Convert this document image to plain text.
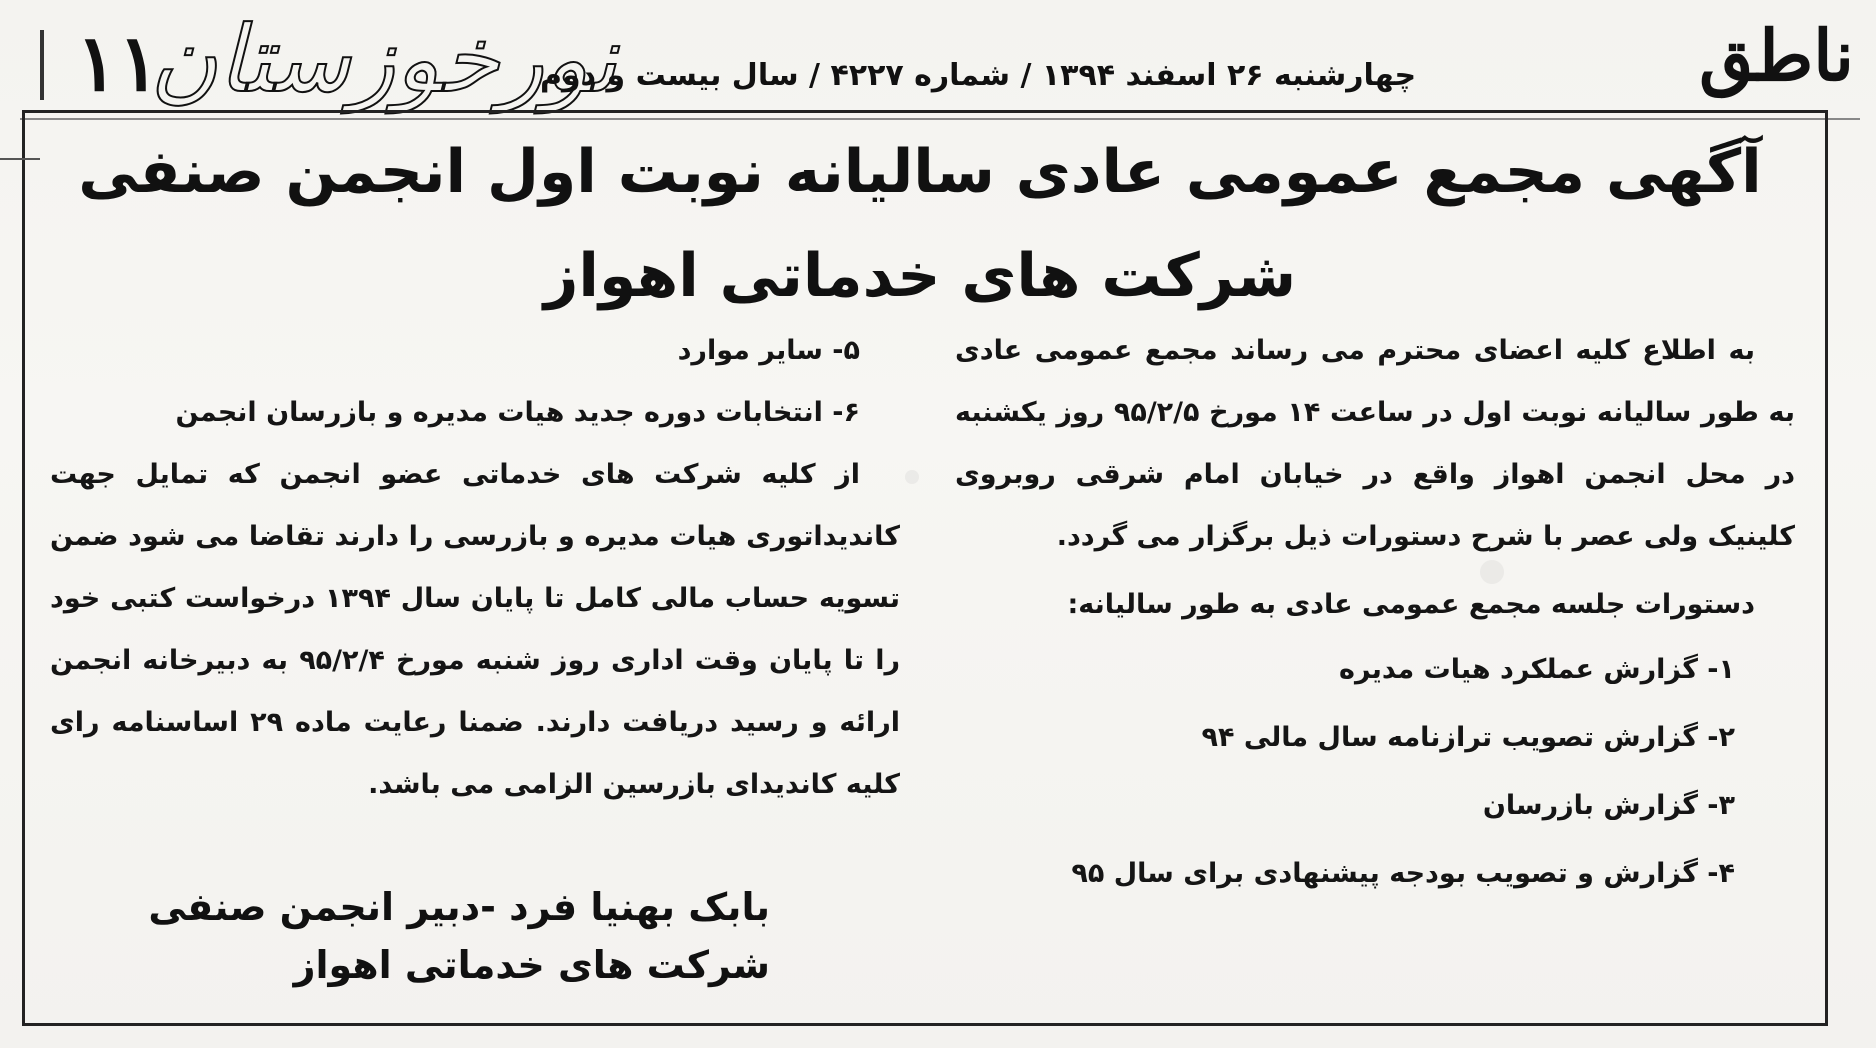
۱۱
نورخوزستان
چهارشنبه ۲۶ اسفند ۱۳۹۴ / شماره ۴۲۲۷ / سال بیست و دوم	ناطق
آگهی مجمع عمومی عادی سالیانه نوبت اول انجمن صنفی شرکت های خدماتی اهواز

به اطلاع کلیه اعضای محترم می رساند مجمع عمومی عادی به طور سالیانه نوبت اول در ساعت ۱۴ مورخ ۹۵/۲/۵ روز یکشنبه در محل انجمن اهواز واقع در خیابان امام شرقی روبروی کلینیک ولی عصر با شرح دستورات ذیل برگزار می گردد.

دستورات جلسه مجمع عمومی عادی به طور سالیانه:

۱- گزارش عملکرد هیات مدیره

۲- گزارش تصویب ترازنامه سال مالی ۹۴

۳- گزارش بازرسان

۴- گزارش و تصویب بودجه پیشنهادی برای سال ۹۵

۵- سایر موارد

۶- انتخابات دوره جدید هیات مدیره و بازرسان انجمن

از کلیه شرکت های خدماتی عضو انجمن که تمایل جهت کاندیداتوری هیات مدیره و بازرسی را دارند تقاضا می شود ضمن تسویه حساب مالی کامل تا پایان سال ۱۳۹۴ درخواست کتبی خود را تا پایان وقت اداری روز شنبه مورخ ۹۵/۲/۴ به دبیرخانه انجمن ارائه و رسید دریافت دارند. ضمنا رعایت ماده ۲۹ اساسنامه رای کلیه کاندیدای بازرسین الزامی می باشد.

بابک بهنیا فرد -دبیر انجمن صنفی شرکت های خدماتی اهواز
